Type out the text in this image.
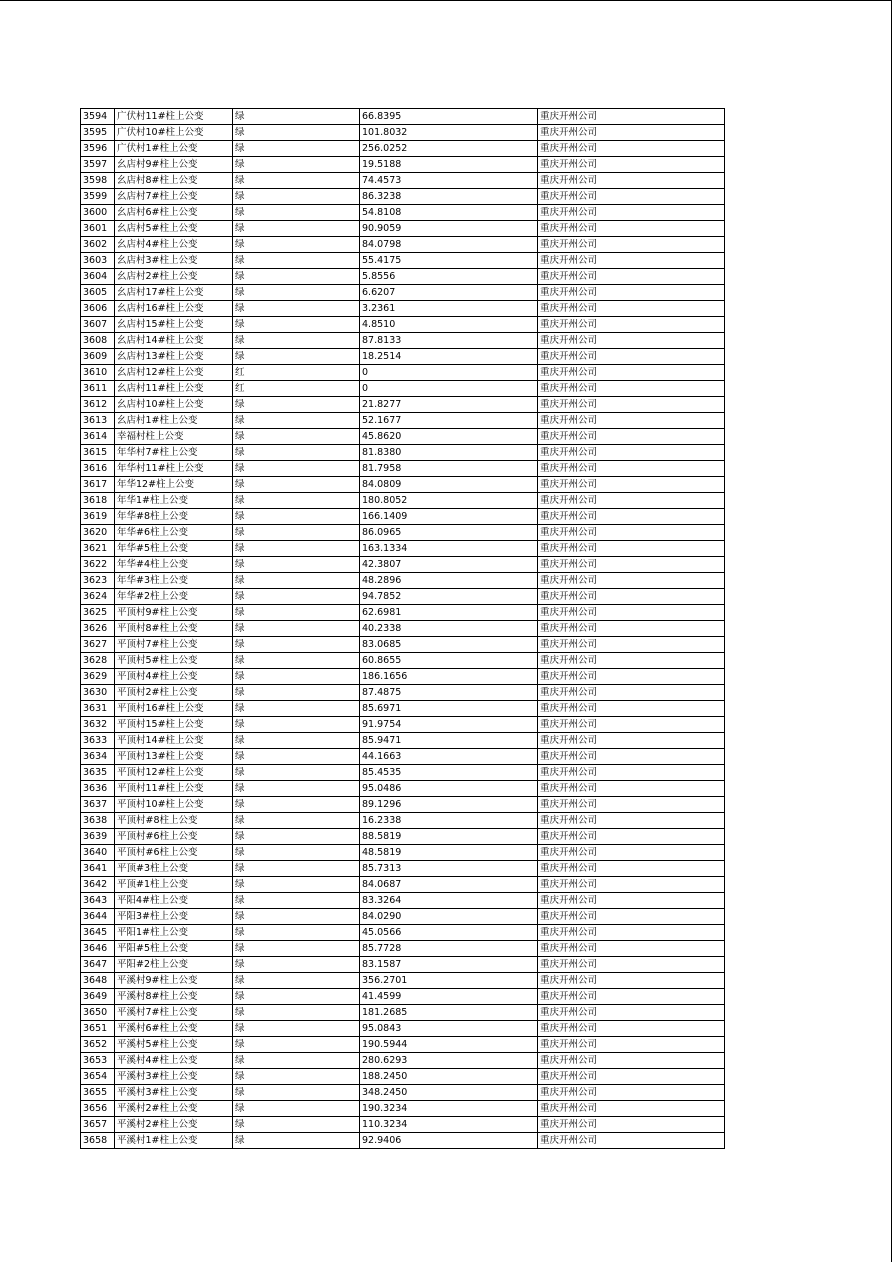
3594	广伏村11#柱上公变	绿	66.8395	重庆开州公司
3595	广伏村10#柱上公变	绿	101.8032	重庆开州公司
3596	广伏村1#柱上公变	绿	256.0252	重庆开州公司
3597	幺店村9#柱上公变	绿	19.5188	重庆开州公司
3598	幺店村8#柱上公变	绿	74.4573	重庆开州公司
3599	幺店村7#柱上公变	绿	86.3238	重庆开州公司
3600	幺店村6#柱上公变	绿	54.8108	重庆开州公司
3601	幺店村5#柱上公变	绿	90.9059	重庆开州公司
3602	幺店村4#柱上公变	绿	84.0798	重庆开州公司
3603	幺店村3#柱上公变	绿	55.4175	重庆开州公司
3604	幺店村2#柱上公变	绿	5.8556	重庆开州公司
3605	幺店村17#柱上公变	绿	6.6207	重庆开州公司
3606	幺店村16#柱上公变	绿	3.2361	重庆开州公司
3607	幺店村15#柱上公变	绿	4.8510	重庆开州公司
3608	幺店村14#柱上公变	绿	87.8133	重庆开州公司
3609	幺店村13#柱上公变	绿	18.2514	重庆开州公司
3610	幺店村12#柱上公变	红	0	重庆开州公司
3611	幺店村11#柱上公变	红	0	重庆开州公司
3612	幺店村10#柱上公变	绿	21.8277	重庆开州公司
3613	幺店村1#柱上公变	绿	52.1677	重庆开州公司
3614	幸福村柱上公变	绿	45.8620	重庆开州公司
3615	年华村7#柱上公变	绿	81.8380	重庆开州公司
3616	年华村11#柱上公变	绿	81.7958	重庆开州公司
3617	年华12#柱上公变	绿	84.0809	重庆开州公司
3618	年华1#柱上公变	绿	180.8052	重庆开州公司
3619	年华#8柱上公变	绿	166.1409	重庆开州公司
3620	年华#6柱上公变	绿	86.0965	重庆开州公司
3621	年华#5柱上公变	绿	163.1334	重庆开州公司
3622	年华#4柱上公变	绿	42.3807	重庆开州公司
3623	年华#3柱上公变	绿	48.2896	重庆开州公司
3624	年华#2柱上公变	绿	94.7852	重庆开州公司
3625	平顶村9#柱上公变	绿	62.6981	重庆开州公司
3626	平顶村8#柱上公变	绿	40.2338	重庆开州公司
3627	平顶村7#柱上公变	绿	83.0685	重庆开州公司
3628	平顶村5#柱上公变	绿	60.8655	重庆开州公司
3629	平顶村4#柱上公变	绿	186.1656	重庆开州公司
3630	平顶村2#柱上公变	绿	87.4875	重庆开州公司
3631	平顶村16#柱上公变	绿	85.6971	重庆开州公司
3632	平顶村15#柱上公变	绿	91.9754	重庆开州公司
3633	平顶村14#柱上公变	绿	85.9471	重庆开州公司
3634	平顶村13#柱上公变	绿	44.1663	重庆开州公司
3635	平顶村12#柱上公变	绿	85.4535	重庆开州公司
3636	平顶村11#柱上公变	绿	95.0486	重庆开州公司
3637	平顶村10#柱上公变	绿	89.1296	重庆开州公司
3638	平顶村#8柱上公变	绿	16.2338	重庆开州公司
3639	平顶村#6柱上公变	绿	88.5819	重庆开州公司
3640	平顶村#6柱上公变	绿	48.5819	重庆开州公司
3641	平顶#3柱上公变	绿	85.7313	重庆开州公司
3642	平顶#1柱上公变	绿	84.0687	重庆开州公司
3643	平阳4#柱上公变	绿	83.3264	重庆开州公司
3644	平阳3#柱上公变	绿	84.0290	重庆开州公司
3645	平阳1#柱上公变	绿	45.0566	重庆开州公司
3646	平阳#5柱上公变	绿	85.7728	重庆开州公司
3647	平阳#2柱上公变	绿	83.1587	重庆开州公司
3648	平溪村9#柱上公变	绿	356.2701	重庆开州公司
3649	平溪村8#柱上公变	绿	41.4599	重庆开州公司
3650	平溪村7#柱上公变	绿	181.2685	重庆开州公司
3651	平溪村6#柱上公变	绿	95.0843	重庆开州公司
3652	平溪村5#柱上公变	绿	190.5944	重庆开州公司
3653	平溪村4#柱上公变	绿	280.6293	重庆开州公司
3654	平溪村3#柱上公变	绿	188.2450	重庆开州公司
3655	平溪村3#柱上公变	绿	348.2450	重庆开州公司
3656	平溪村2#柱上公变	绿	190.3234	重庆开州公司
3657	平溪村2#柱上公变	绿	110.3234	重庆开州公司
3658	平溪村1#柱上公变	绿	92.9406	重庆开州公司
